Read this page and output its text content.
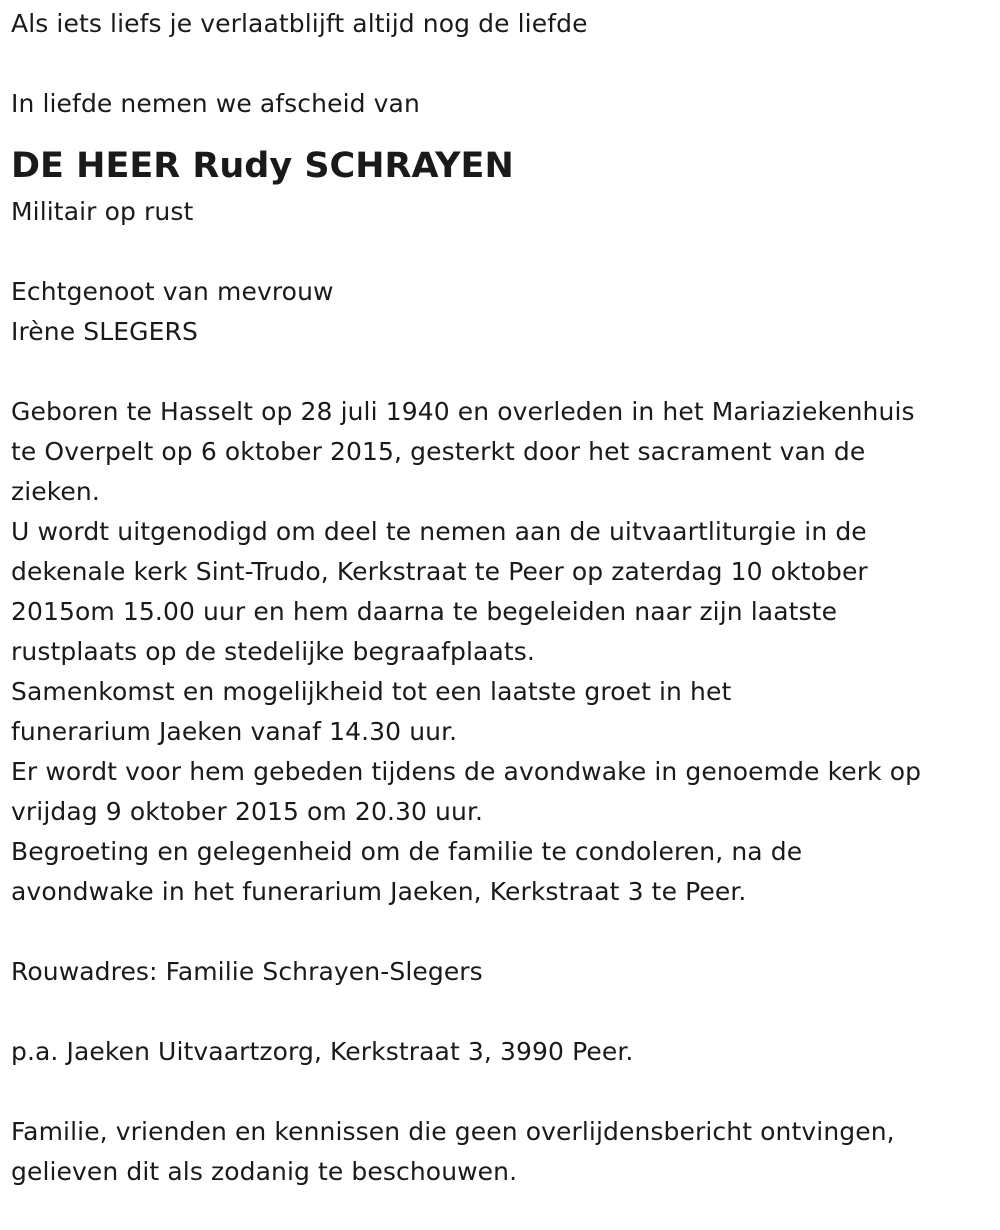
Als iets liefs je verlaatblijft altijd nog de liefde
In liefde nemen we afscheid van
DE HEER Rudy SCHRAYEN
Militair op rust
Echtgenoot van mevrouw
Irène SLEGERS
Geboren te Hasselt op 28 juli 1940 en overleden in het Mariaziekenhuis
te Overpelt op 6 oktober 2015, gesterkt door het sacrament van de
zieken.
U wordt uitgenodigd om deel te nemen aan de uitvaartliturgie in de
dekenale kerk Sint-Trudo, Kerkstraat te Peer op zaterdag 10 oktober
2015om 15.00 uur en hem daarna te begeleiden naar zijn laatste
rustplaats op de stedelijke begraafplaats.
Samenkomst en mogelijkheid tot een laatste groet in het
funerarium Jaeken vanaf 14.30 uur.
Er wordt voor hem gebeden tijdens de avondwake in genoemde kerk op
vrijdag 9 oktober 2015 om 20.30 uur.
Begroeting en gelegenheid om de familie te condoleren, na de
avondwake in het funerarium Jaeken, Kerkstraat 3 te Peer.
Rouwadres: Familie Schrayen-Slegers
p.a. Jaeken Uitvaartzorg, Kerkstraat 3, 3990 Peer.
Familie, vrienden en kennissen die geen overlijdensbericht ontvingen,
gelieven dit als zodanig te beschouwen.
